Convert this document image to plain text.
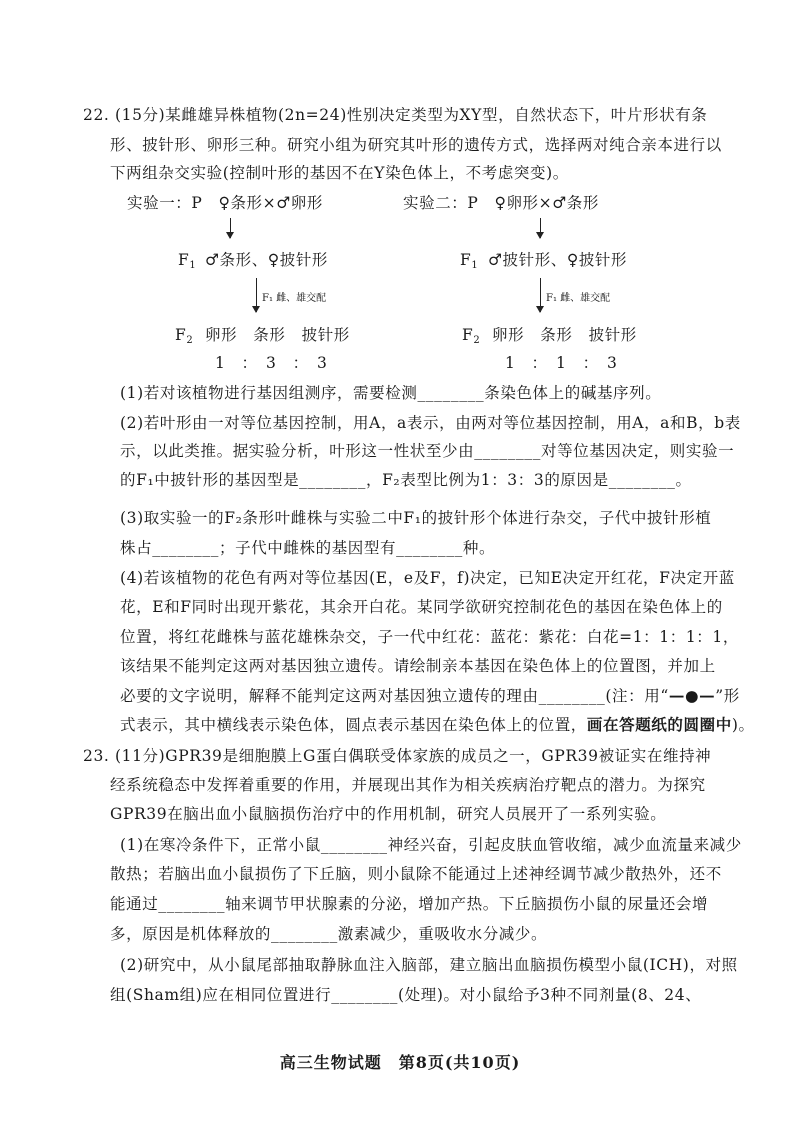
22. (15分)某雌雄异株植物(2n=24)性别决定类型为XY型，自然状态下，叶片形状有条
形、披针形、卵形三种。研究小组为研究其叶形的遗传方式，选择两对纯合亲本进行以
下两组杂交实验(控制叶形的基因不在Y染色体上，不考虑突变)。
实验一：P　♀条形×♂卵形
$F_1$ ♂条形、♀披针形
F₁ 雌、雄交配
$F_2$ 卵形　条形　披针形
1　：　3　：　3
实验二：P　♀卵形×♂条形
$F_1$ ♂披针形、♀披针形
F₁ 雌、雄交配
$F_2$ 卵形　条形　披针形
1　：　1　：　3
(1)若对该植物进行基因组测序，需要检测________条染色体上的碱基序列。
(2)若叶形由一对等位基因控制，用A，a表示，由两对等位基因控制，用A，a和B，b表
示，以此类推。据实验分析，叶形这一性状至少由________对等位基因决定，则实验一
的F₁中披针形的基因型是________，F₂表型比例为1：3：3的原因是________。
(3)取实验一的F₂条形叶雌株与实验二中F₁的披针形个体进行杂交，子代中披针形植
株占________；子代中雌株的基因型有________种。
(4)若该植物的花色有两对等位基因(E，e及F，f)决定，已知E决定开红花，F决定开蓝
花，E和F同时出现开紫花，其余开白花。某同学欲研究控制花色的基因在染色体上的
位置，将红花雌株与蓝花雄株杂交，子一代中红花：蓝花：紫花：白花=1：1：1：1，
该结果不能判定这两对基因独立遗传。请绘制亲本基因在染色体上的位置图，并加上
必要的文字说明，解释不能判定这两对基因独立遗传的理由________(注：用“—●—”形
式表示，其中横线表示染色体，圆点表示基因在染色体上的位置，画在答题纸的圆圈中)。
23. (11分)GPR39是细胞膜上G蛋白偶联受体家族的成员之一，GPR39被证实在维持神
经系统稳态中发挥着重要的作用，并展现出其作为相关疾病治疗靶点的潜力。为探究
GPR39在脑出血小鼠脑损伤治疗中的作用机制，研究人员展开了一系列实验。
(1)在寒冷条件下，正常小鼠________神经兴奋，引起皮肤血管收缩，减少血流量来减少
散热；若脑出血小鼠损伤了下丘脑，则小鼠除不能通过上述神经调节减少散热外，还不
能通过________轴来调节甲状腺素的分泌，增加产热。下丘脑损伤小鼠的尿量还会增
多，原因是机体释放的________激素减少，重吸收水分减少。
(2)研究中，从小鼠尾部抽取静脉血注入脑部，建立脑出血脑损伤模型小鼠(ICH)，对照
组(Sham组)应在相同位置进行________(处理)。对小鼠给予3种不同剂量(8、24、
高三生物试题　第8页(共10页)
